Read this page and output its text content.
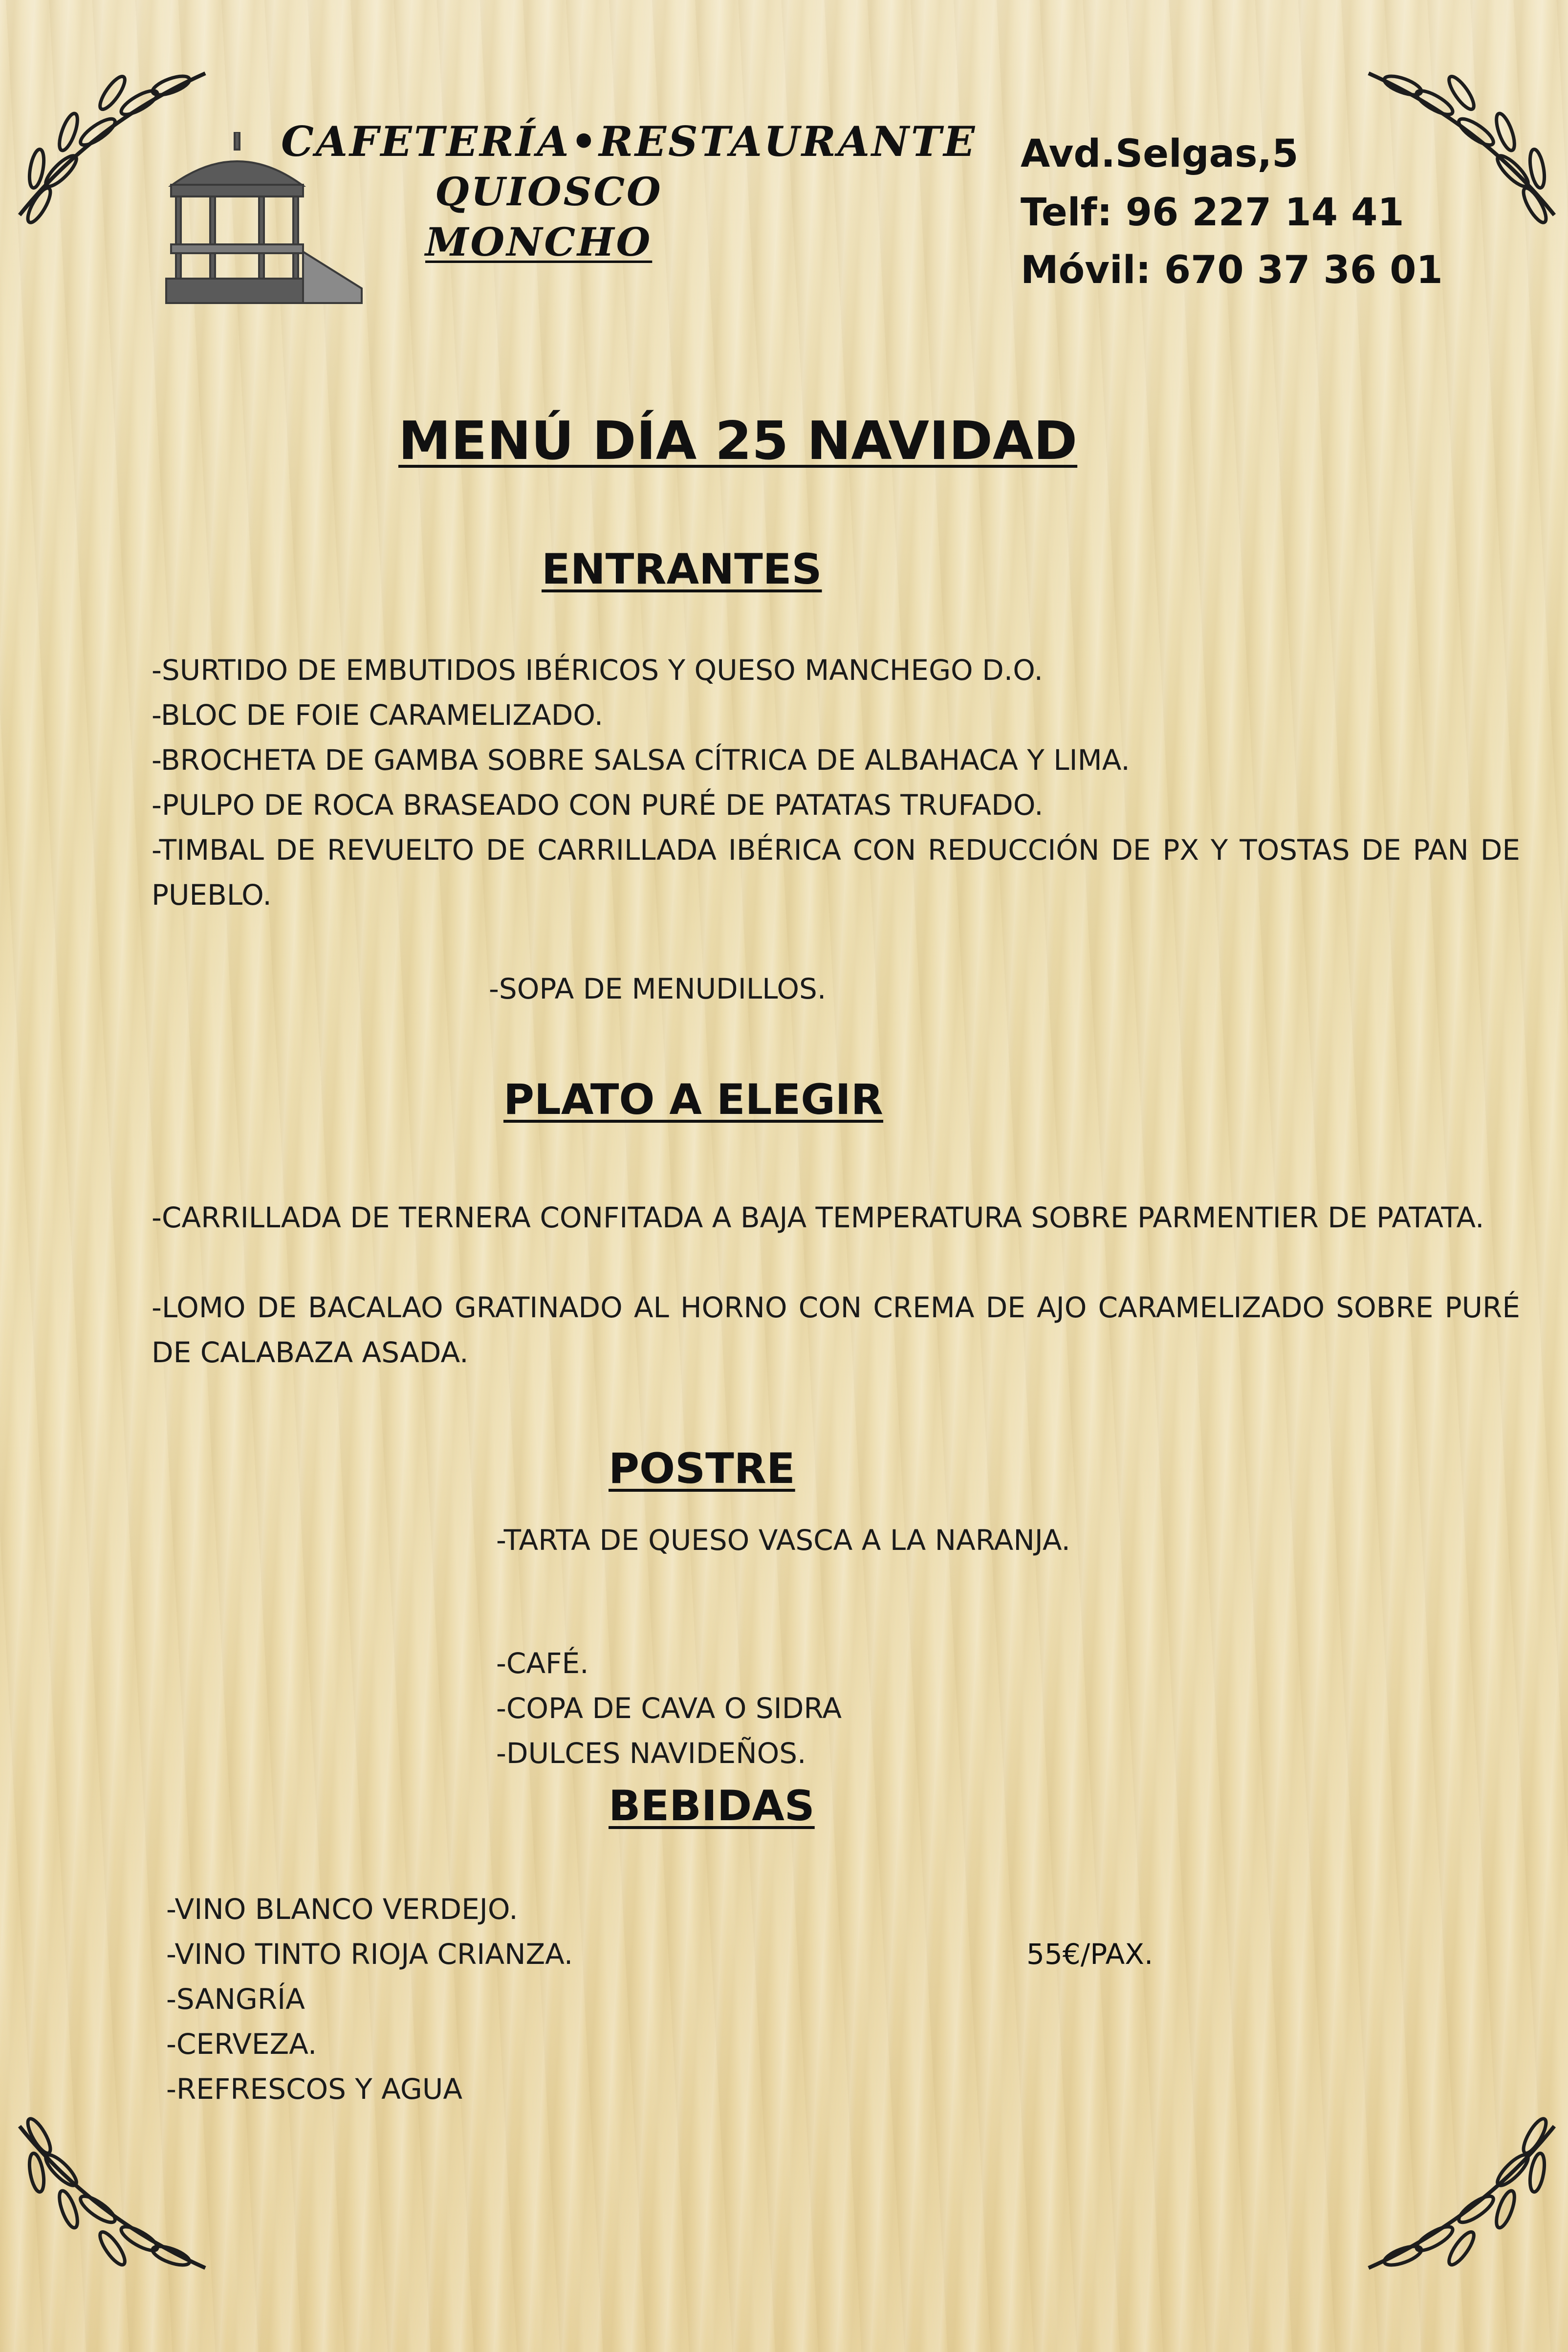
CAFETERÍA•RESTAURANTE
QUIOSCO
MONCHO
Avd.Selgas,5
Telf: 96 227 14 41
Móvil: 670 37 36 01
MENÚ DÍA 25 NAVIDAD
ENTRANTES
-SURTIDO DE EMBUTIDOS IBÉRICOS Y QUESO MANCHEGO D.O.
-BLOC DE FOIE CARAMELIZADO.
-BROCHETA DE GAMBA SOBRE SALSA CÍTRICA DE ALBAHACA Y LIMA.
-PULPO DE ROCA BRASEADO CON PURÉ DE PATATAS TRUFADO.
-TIMBAL DE REVUELTO DE CARRILLADA IBÉRICA CON REDUCCIÓN DE PX Y TOSTAS DE PAN DE PUEBLO.
-SOPA DE MENUDILLOS.
PLATO A ELEGIR
-CARRILLADA DE TERNERA CONFITADA A BAJA TEMPERATURA SOBRE PARMENTIER DE PATATA.
-LOMO DE BACALAO GRATINADO AL HORNO CON CREMA DE AJO CARAMELIZADO SOBRE PURÉ DE CALABAZA ASADA.
POSTRE
-TARTA DE QUESO VASCA A LA NARANJA.
-CAFÉ.
-COPA DE CAVA O SIDRA
-DULCES NAVIDEÑOS.
BEBIDAS
-VINO BLANCO VERDEJO.
-VINO TINTO RIOJA CRIANZA.
-SANGRÍA
-CERVEZA.
-REFRESCOS Y AGUA
55€/PAX.
